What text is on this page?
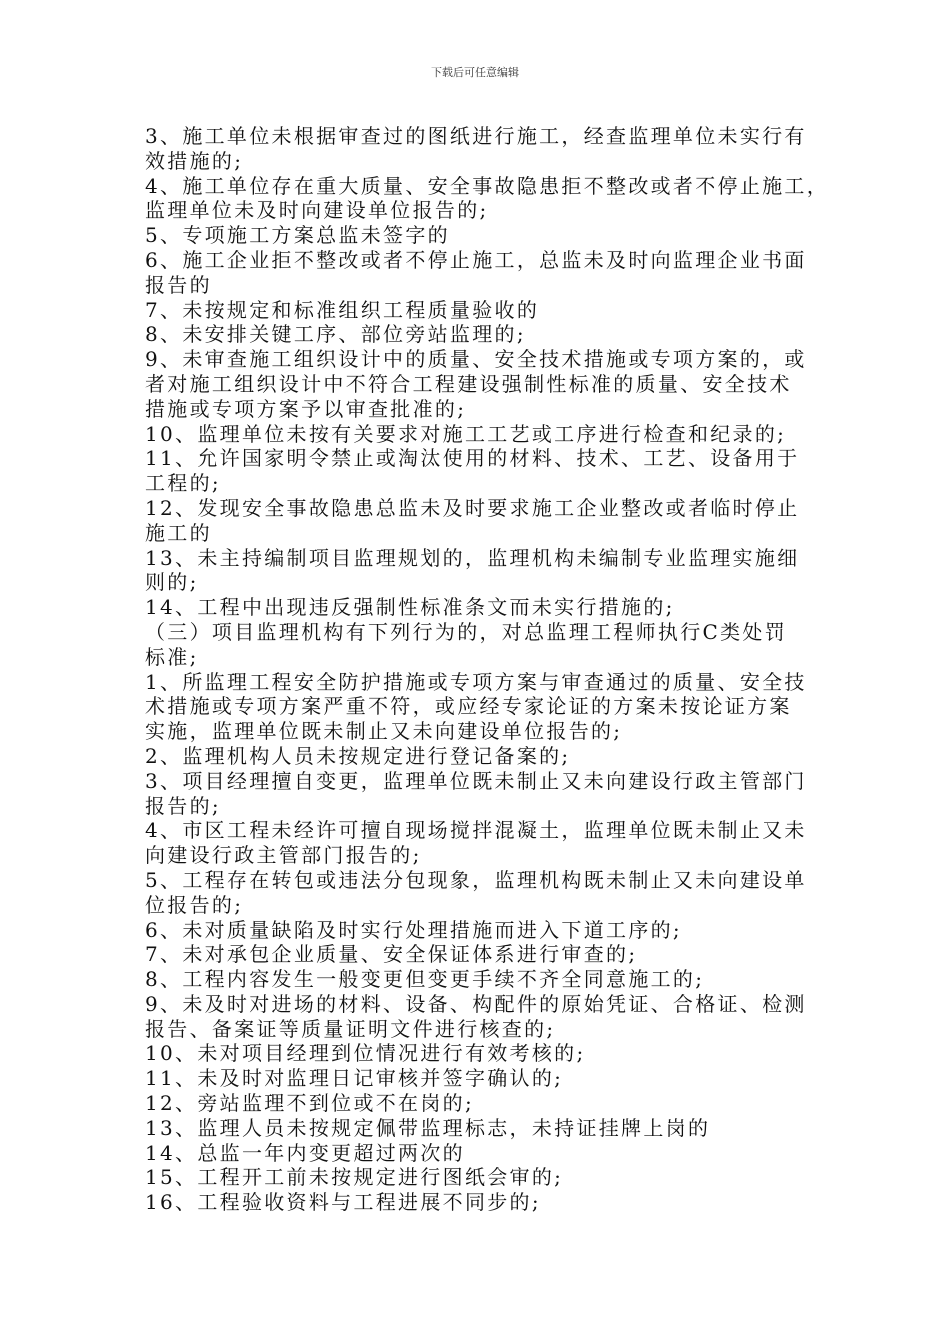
下载后可任意编辑
3、施工单位未根据审查过的图纸进行施工，经查监理单位未实行有
效措施的;
4、施工单位存在重大质量、安全事故隐患拒不整改或者不停止施工，
监理单位未及时向建设单位报告的;
5、专项施工方案总监未签字的
6、施工企业拒不整改或者不停止施工，总监未及时向监理企业书面
报告的
7、未按规定和标准组织工程质量验收的
8、未安排关键工序、部位旁站监理的;
9、未审查施工组织设计中的质量、安全技术措施或专项方案的，或
者对施工组织设计中不符合工程建设强制性标准的质量、安全技术
措施或专项方案予以审查批准的;
10、监理单位未按有关要求对施工工艺或工序进行检查和纪录的;
11、允许国家明令禁止或淘汰使用的材料、技术、工艺、设备用于
工程的;
12、发现安全事故隐患总监未及时要求施工企业整改或者临时停止
施工的
13、未主持编制项目监理规划的，监理机构未编制专业监理实施细
则的;
14、工程中出现违反强制性标准条文而未实行措施的;
（三）项目监理机构有下列行为的，对总监理工程师执行C类处罚
标准;
1、所监理工程安全防护措施或专项方案与审查通过的质量、安全技
术措施或专项方案严重不符，或应经专家论证的方案未按论证方案
实施，监理单位既未制止又未向建设单位报告的;
2、监理机构人员未按规定进行登记备案的;
3、项目经理擅自变更，监理单位既未制止又未向建设行政主管部门
报告的;
4、市区工程未经许可擅自现场搅拌混凝土，监理单位既未制止又未
向建设行政主管部门报告的;
5、工程存在转包或违法分包现象，监理机构既未制止又未向建设单
位报告的;
6、未对质量缺陷及时实行处理措施而进入下道工序的;
7、未对承包企业质量、安全保证体系进行审查的;
8、工程内容发生一般变更但变更手续不齐全同意施工的;
9、未及时对进场的材料、设备、构配件的原始凭证、合格证、检测
报告、备案证等质量证明文件进行核查的;
10、未对项目经理到位情况进行有效考核的;
11、未及时对监理日记审核并签字确认的;
12、旁站监理不到位或不在岗的;
13、监理人员未按规定佩带监理标志，未持证挂牌上岗的
14、总监一年内变更超过两次的
15、工程开工前未按规定进行图纸会审的;
16、工程验收资料与工程进展不同步的;
